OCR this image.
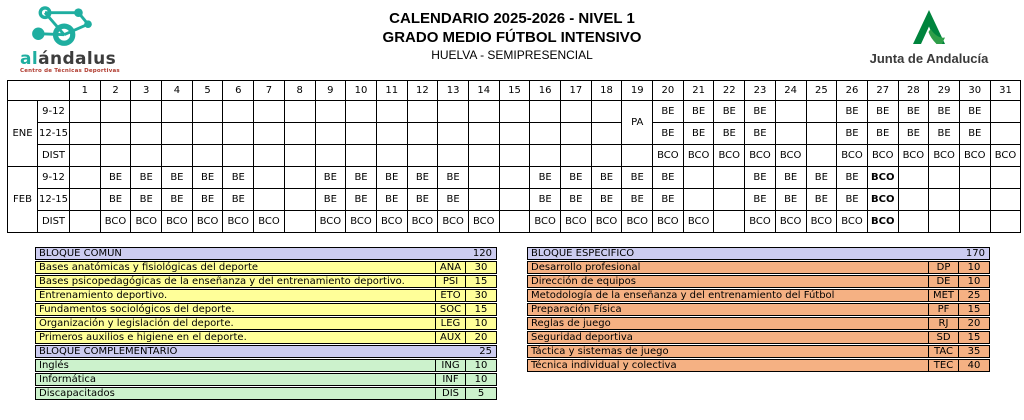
alándalus
Centro de Técnicas Deportivas
CALENDARIO 2025-2026 - NIVEL 1
GRADO MEDIO FÚTBOL INTENSIVO
HUELVA - SEMIPRESENCIAL	Junta de Andalucía
		1	2	3	4	5	6	7	8	9	10	11	12	13	14	15	16	17	18	19	20	21	22	23	24	25	26	27	28	29	30	31
ENE	9-12																			PA	BE	BE	BE	BE			BE	BE	BE	BE	BE	
	12-15																				BE	BE	BE	BE			BE	BE	BE	BE	BE	
	DIST																				BCO	BCO	BCO	BCO	BCO		BCO	BCO	BCO	BCO	BCO	BCO
FEB	9-12		BE	BE	BE	BE	BE			BE	BE	BE	BE	BE			BE	BE	BE	BE	BE			BE	BE	BE	BE	BCO				
	12-15		BE	BE	BE	BE	BE			BE	BE	BE	BE	BE			BE	BE	BE	BE	BE			BE	BE	BE	BE	BCO				
	DIST		BCO	BCO	BCO	BCO	BCO	BCO		BCO	BCO	BCO	BCO	BCO	BCO		BCO	BCO	BCO	BCO	BCO	BCO		BCO	BCO	BCO	BCO	BCO				
BLOQUE COMÚN	120
Bases anatómicas y fisiológicas del deporte	ANA	30
Bases psicopedagógicas de la enseñanza y del entrenamiento deportivo.	PSI	15
Entrenamiento deportivo.	ETO	30
Fundamentos sociológicos del deporte.	SOC	15
Organización y legislación del deporte.	LEG	10
Primeros auxilios e higiene en el deporte.	AUX	20
BLOQUE COMPLEMENTARIO	25
Inglés	ING	10
Informática	INF	10
Discapacitados	DIS	5
BLOQUE ESPECÍFICO	170
Desarrollo profesional	DP	10
Dirección de equipos	DE	10
Metodología de la enseñanza y del entrenamiento del Fútbol	MET	25
Preparación Física	PF	15
Reglas de juego	RJ	20
Seguridad deportiva	SD	15
Táctica y sistemas de juego	TAC	35
Técnica individual y colectiva	TEC	40
